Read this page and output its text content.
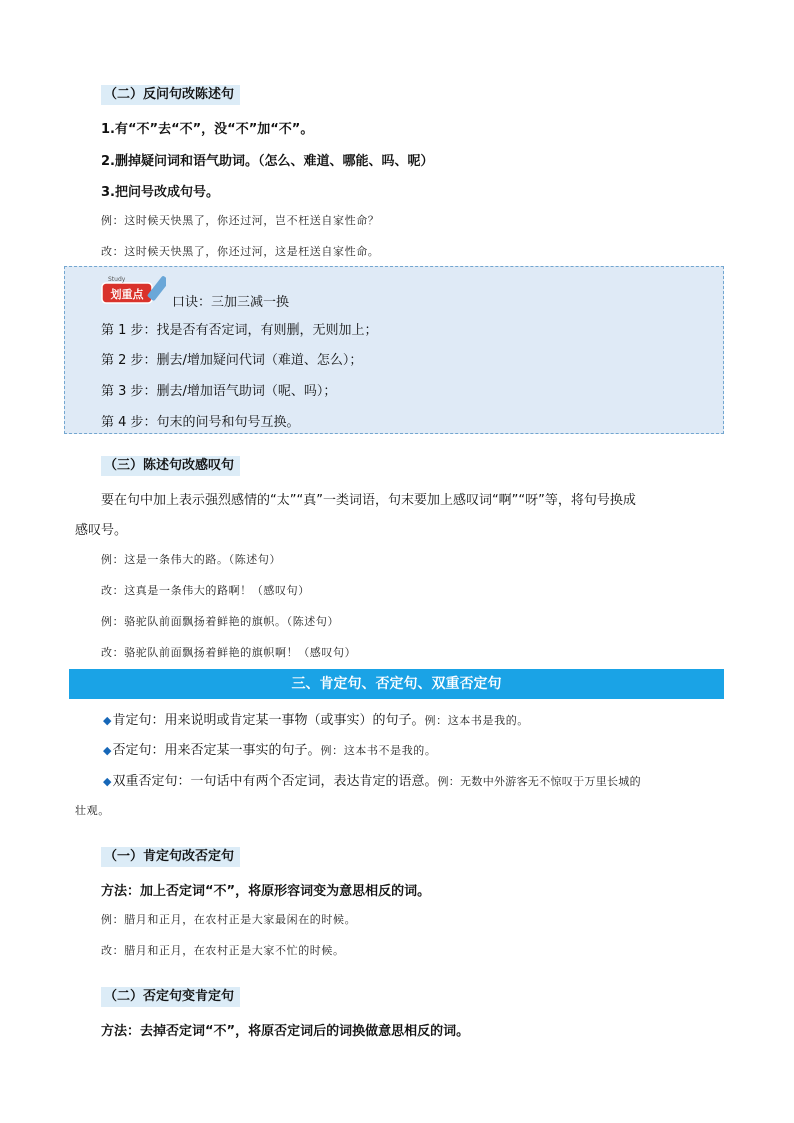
（二）反问句改陈述句
1.有“不”去“不”，没“不”加“不”。
2.删掉疑问词和语气助词。（怎么、难道、哪能、吗、呢）
3.把问号改成句号。
例：这时候天快黑了，你还过河，岂不枉送自家性命？
改：这时候天快黑了，你还过河，这是枉送自家性命。
Study
划重点
口诀：三加三减一换
第 1 步：找是否有否定词，有则删，无则加上；
第 2 步：删去/增加疑问代词（难道、怎么）；
第 3 步：删去/增加语气助词（呢、吗）；
第 4 步：句末的问号和句号互换。
（三）陈述句改感叹句
要在句中加上表示强烈感情的“太”“真”一类词语，句末要加上感叹词“啊”“呀”等，将句号换成
感叹号。
例：这是一条伟大的路。（陈述句）
改：这真是一条伟大的路啊！（感叹句）
例：骆驼队前面飘扬着鲜艳的旗帜。（陈述句）
改：骆驼队前面飘扬着鲜艳的旗帜啊！（感叹句）
三、肯定句、否定句、双重否定句
◆肯定句：用来说明或肯定某一事物（或事实）的句子。例：这本书是我的。
◆否定句：用来否定某一事实的句子。例：这本书不是我的。
◆双重否定句：一句话中有两个否定词，表达肯定的语意。例：无数中外游客无不惊叹于万里长城的
壮观。
（一）肯定句改否定句
方法：加上否定词“不”，将原形容词变为意思相反的词。
例：腊月和正月，在农村正是大家最闲在的时候。
改：腊月和正月，在农村正是大家不忙的时候。
（二）否定句变肯定句
方法：去掉否定词“不”，将原否定词后的词换做意思相反的词。
